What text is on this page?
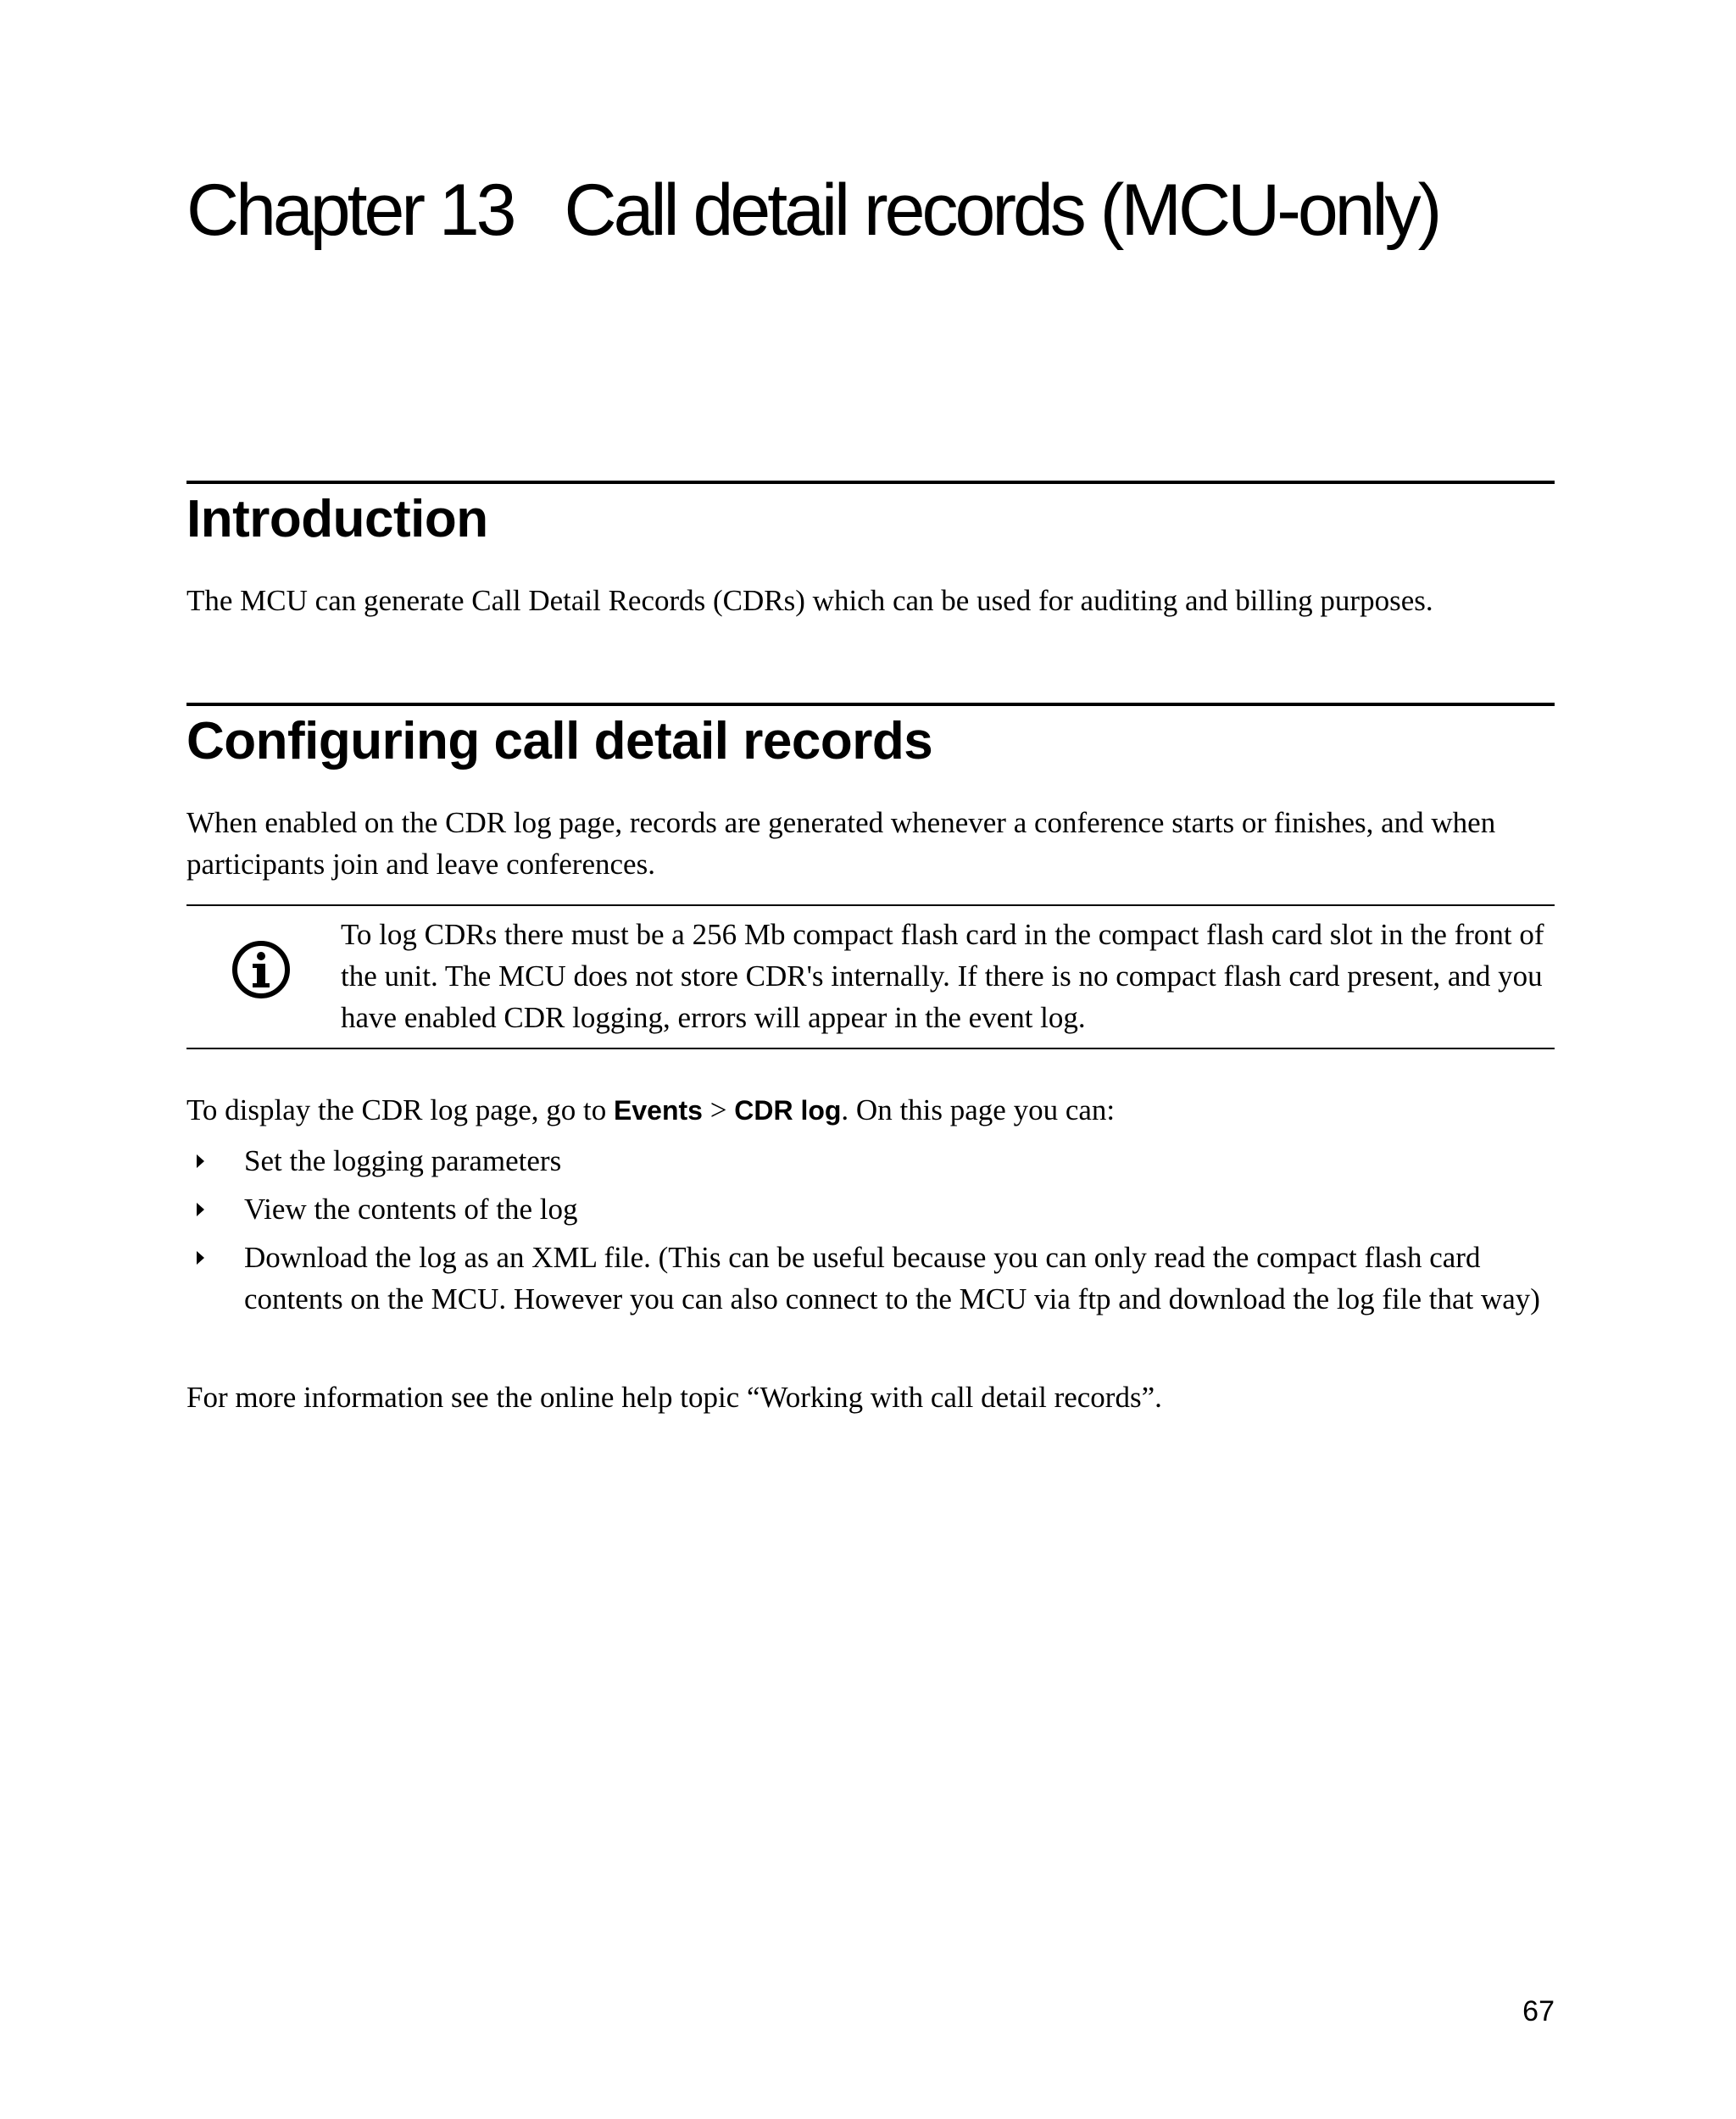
Chapter 13 Call detail records (MCU-only)
Introduction

The MCU can generate Call Detail Records (CDRs) which can be used for auditing and billing purposes.

Configuring call detail records

When enabled on the CDR log page, records are generated whenever a conference starts or finishes, and when participants join and leave conferences.

To log CDRs there must be a 256 Mb compact flash card in the compact flash card slot in the front of the unit. The MCU does not store CDR's internally. If there is no compact flash card present, and you have enabled CDR logging, errors will appear in the event log.

To display the CDR log page, go to Events > CDR log. On this page you can:

Set the logging parameters
View the contents of the log
Download the log as an XML file. (This can be useful because you can only read the compact flash card contents on the MCU. However you can also connect to the MCU via ftp and download the log file that way)

For more information see the online help topic “Working with call detail records”.

67
